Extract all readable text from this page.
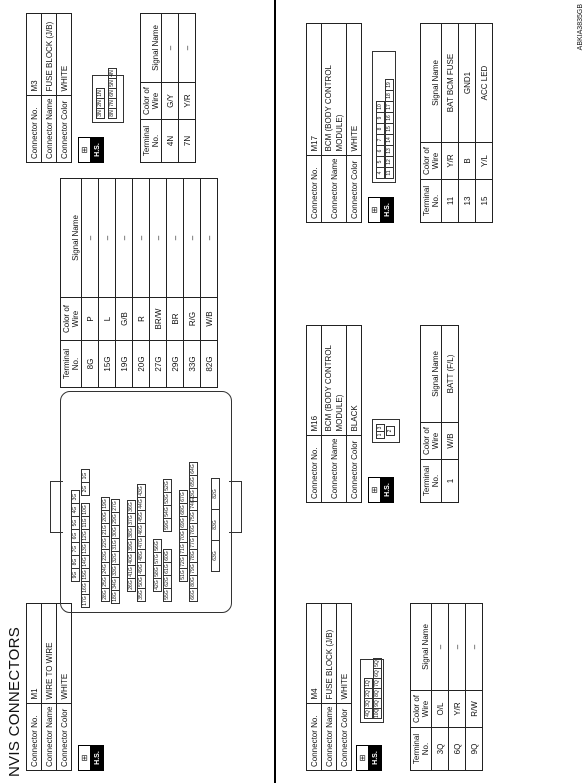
NVIS CONNECTORS Connector No.	M1
Connector Name	WIRE TO WIRE
Connector Color	WHITE
⊞ H.S.
9G
8G
7G
6G
5G
4G
3G
17G
16G
15G
14G
13G
12G
11G
10G
2G
1G
28G
25G
24G
23G
22G
21G
20G
19G
18G
34G
33G
32G
31G
30G
29G
27G
26G
41G
40G
39G
38G
37G
36G
35G
50G
49G
48G
47G
46G
45G
44G
43G
42G
58G
57G
56G
55G
62G
61G
60G
59G
54G
53G
52G
51G
72G
71G
70G
69G
68G
67G
66G
80G
79G
78G
77G
76G
75G
74G
73G
65G
64G
63G
83G
82G
Terminal No.	Color of Wire	Signal Name
8G	P	–
15G	L	–
19G	G/B	–
20G	R	–
27G	BR/W	–
29G	BR	–
33G	R/G	–
82G	W/B	–
Connector No.	M3
Connector Name	FUSE BLOCK (J/B)
Connector Color	WHITE
⊞ H.S.
3N
2N
1N
8N
7N
6N
5N
4N
Terminal No.	Color of Wire	Signal Name
4N	G/Y	–
7N	Y/R	–
Connector No.	M4
Connector Name	FUSE BLOCK (J/B)
Connector Color	WHITE
⊞ H.S.
4Q
3Q
2Q
1Q
10Q
9Q
8Q
7Q
6Q
5Q
Terminal No.	Color of Wire	Signal Name
3Q	O/L	–
6Q	Y/R	–
9Q	R/W	–
Connector No.	M16
Connector Name	BCM (BODY CONTROL MODULE)
Connector Color	BLACK
⊞ H.S.
1
3
2
Terminal No.	Color of Wire	Signal Name
1	W/B	BATT (F/L)
Connector No.	M17
Connector Name	BCM (BODY CONTROL MODULE)
Connector Color	WHITE
⊞ H.S.
4
5
6
7
8
9
10
11
12
13
14
15
16
17
18
19
Terminal No.	Color of Wire	Signal Name
11	Y/R	BAT BCM FUSE
13	B	GND1
15	Y/L	ACC LED
ABKIA3835GB
